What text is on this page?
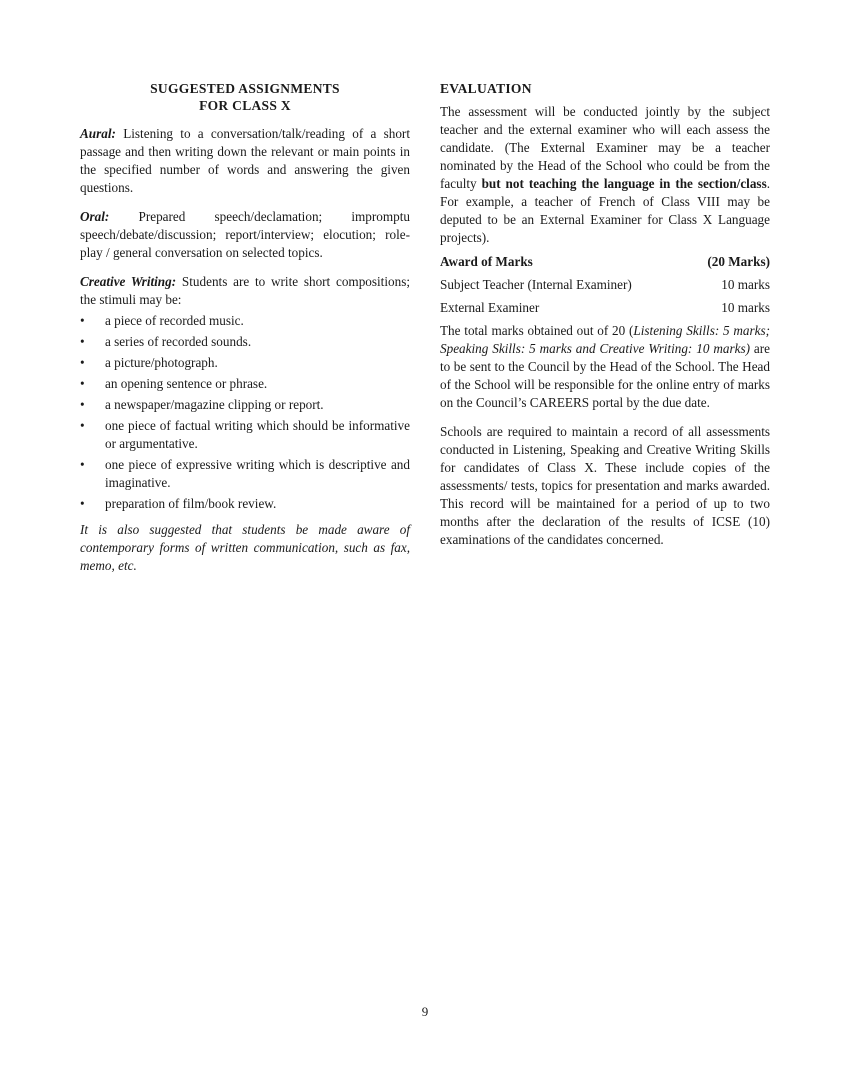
SUGGESTED ASSIGNMENTS
FOR CLASS X

Aural: Listening to a conversation/talk/reading of a short passage and then writing down the relevant or main points in the specified number of words and answering the given questions.

Oral: Prepared speech/declamation; impromptu speech/debate/discussion; report/interview; elocution; role-play / general conversation on selected topics.

Creative Writing: Students are to write short compositions; the stimuli may be:

• a piece of recorded music.
• a series of recorded sounds.
• a picture/photograph.
• an opening sentence or phrase.
• a newspaper/magazine clipping or report.
• one piece of factual writing which should be informative or argumentative.
• one piece of expressive writing which is descriptive and imaginative.
• preparation of film/book review.

It is also suggested that students be made aware of contemporary forms of written communication, such as fax, memo, etc.

EVALUATION

The assessment will be conducted jointly by the subject teacher and the external examiner who will each assess the candidate. (The External Examiner may be a teacher nominated by the Head of the School who could be from the faculty but not teaching the language in the section/class. For example, a teacher of French of Class VIII may be deputed to be an External Examiner for Class X Language projects).

Award of Marks	(20 Marks)
Subject Teacher (Internal Examiner)	10 marks
External Examiner	10 marks

The total marks obtained out of 20 (Listening Skills: 5 marks; Speaking Skills: 5 marks and Creative Writing: 10 marks) are to be sent to the Council by the Head of the School. The Head of the School will be responsible for the online entry of marks on the Council’s CAREERS portal by the due date.

Schools are required to maintain a record of all assessments conducted in Listening, Speaking and Creative Writing Skills for candidates of Class X. These include copies of the assessments/ tests, topics for presentation and marks awarded. This record will be maintained for a period of up to two months after the declaration of the results of ICSE (10) examinations of the candidates concerned.

9
